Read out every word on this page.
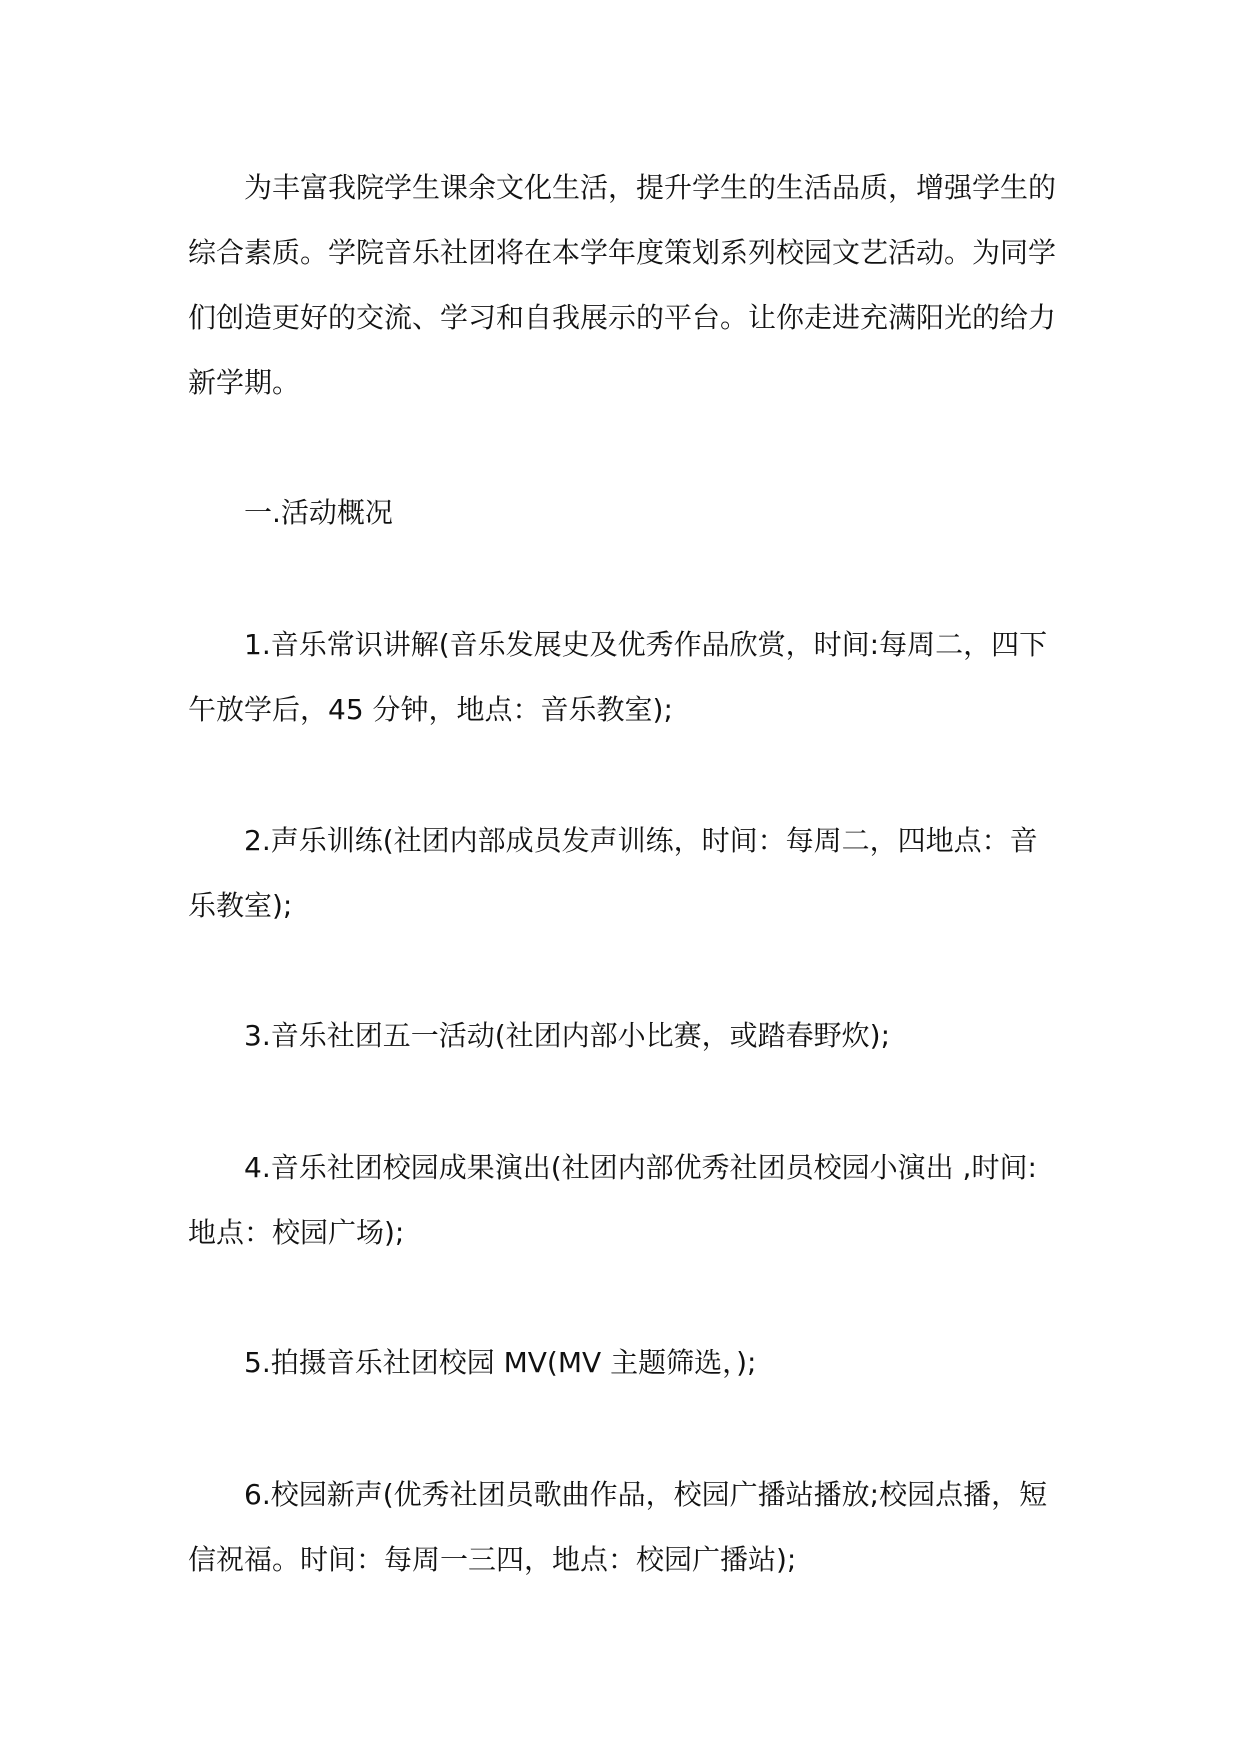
为丰富我院学生课余文化生活，提升学生的生活品质，增强学生的综合素质。学院音乐社团将在本学年度策划系列校园文艺活动。为同学们创造更好的交流、学习和自我展示的平台。让你走进充满阳光的给力新学期。

一.活动概况

1.音乐常识讲解(音乐发展史及优秀作品欣赏，时间:每周二，四下午放学后，45 分钟，地点：音乐教室);

2.声乐训练(社团内部成员发声训练，时间：每周二，四地点：音乐教室);

3.音乐社团五一活动(社团内部小比赛，或踏春野炊);

4.音乐社团校园成果演出(社团内部优秀社团员校园小演出 ,时间:地点：校园广场);

5.拍摄音乐社团校园 MV(MV 主题筛选，);

6.校园新声(优秀社团员歌曲作品，校园广播站播放;校园点播，短信祝福。时间：每周一三四，地点：校园广播站);
